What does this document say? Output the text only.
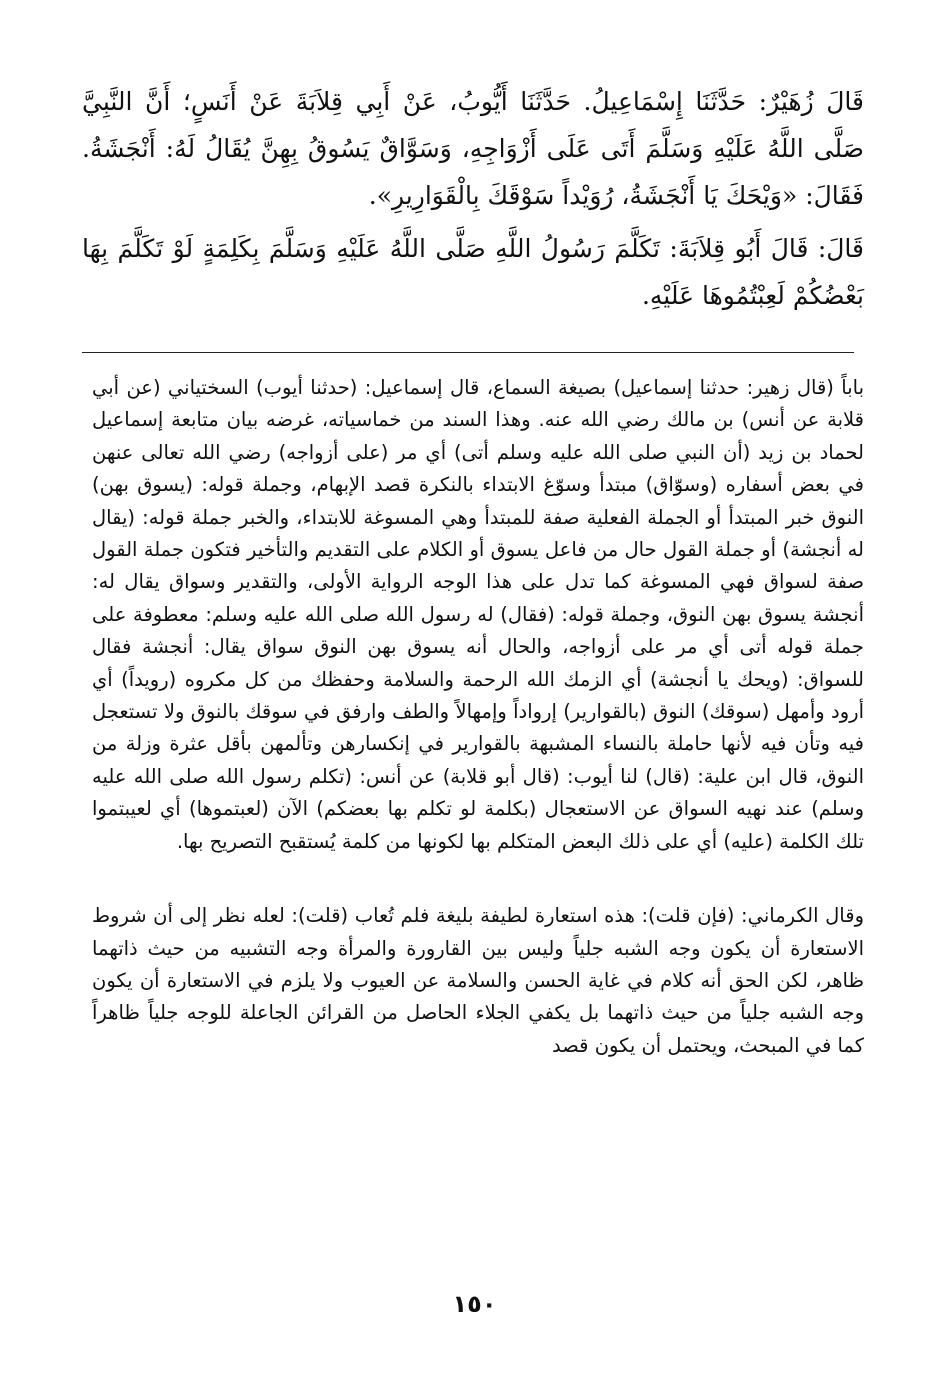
قَالَ زُهَيْرٌ: حَدَّثَنَا إِسْمَاعِيلُ. حَدَّثَنَا أَيُّوبُ، عَنْ أَبِي قِلاَبَةَ عَنْ أَنَسٍ؛ أَنَّ النَّبِيَّ صَلَّى اللَّهُ عَلَيْهِ وَسَلَّمَ أَتَى عَلَى أَزْوَاجِهِ، وَسَوَّاقٌ يَسُوقُ بِهِنَّ يُقَالُ لَهُ: أَنْجَشَةُ. فَقَالَ: «وَيْحَكَ يَا أَنْجَشَةُ، رُوَيْداً سَوْقَكَ بِالْقَوَارِيرِ».

قَالَ: قَالَ أَبُو قِلاَبَةَ: تَكَلَّمَ رَسُولُ اللَّهِ صَلَّى اللَّهُ عَلَيْهِ وَسَلَّمَ بِكَلِمَةٍ لَوْ تَكَلَّمَ بِهَا بَعْضُكُمْ لَعِبْتُمُوهَا عَلَيْهِ.

باباً (قال زهير: حدثنا إسماعيل) بصيغة السماع، قال إسماعيل: (حدثنا أيوب) السختياني (عن أبي قلابة عن أنس) بن مالك رضي الله عنه. وهذا السند من خماسياته، غرضه بيان متابعة إسماعيل لحماد بن زيد (أن النبي صلى الله عليه وسلم أتى) أي مر (على أزواجه) رضي الله تعالى عنهن في بعض أسفاره (وسوّاق) مبتدأ وسوّغ الابتداء بالنكرة قصد الإبهام، وجملة قوله: (يسوق بهن) النوق خبر المبتدأ أو الجملة الفعلية صفة للمبتدأ وهي المسوغة للابتداء، والخبر جملة قوله: (يقال له أنجشة) أو جملة القول حال من فاعل يسوق أو الكلام على التقديم والتأخير فتكون جملة القول صفة لسواق فهي المسوغة كما تدل على هذا الوجه الرواية الأولى، والتقدير وسواق يقال له: أنجشة يسوق بهن النوق، وجملة قوله: (فقال) له رسول الله صلى الله عليه وسلم: معطوفة على جملة قوله أتى أي مر على أزواجه، والحال أنه يسوق بهن النوق سواق يقال: أنجشة فقال للسواق: (ويحك يا أنجشة) أي الزمك الله الرحمة والسلامة وحفظك من كل مكروه (رويداً) أي أرود وأمهل (سوقك) النوق (بالقوارير) إرواداً وإمهالاً والطف وارفق في سوقك بالنوق ولا تستعجل فيه وتأن فيه لأنها حاملة بالنساء المشبهة بالقوارير في إنكسارهن وتألمهن بأقل عثرة وزلة من النوق، قال ابن علية: (قال) لنا أيوب: (قال أبو قلابة) عن أنس: (تكلم رسول الله صلى الله عليه وسلم) عند نهيه السواق عن الاستعجال (بكلمة لو تكلم بها بعضكم) الآن (لعبتموها) أي لعيبتموا تلك الكلمة (عليه) أي على ذلك البعض المتكلم بها لكونها من كلمة يُستقبح التصريح بها.

وقال الكرماني: (فإن قلت): هذه استعارة لطيفة بليغة فلم تُعاب (قلت): لعله نظر إلى أن شروط الاستعارة أن يكون وجه الشبه جلياً وليس بين القارورة والمرأة وجه التشبيه من حيث ذاتهما ظاهر، لكن الحق أنه كلام في غاية الحسن والسلامة عن العيوب ولا يلزم في الاستعارة أن يكون وجه الشبه جلياً من حيث ذاتهما بل يكفي الجلاء الحاصل من القرائن الجاعلة للوجه جلياً ظاهراً كما في المبحث، ويحتمل أن يكون قصد

١٥٠
